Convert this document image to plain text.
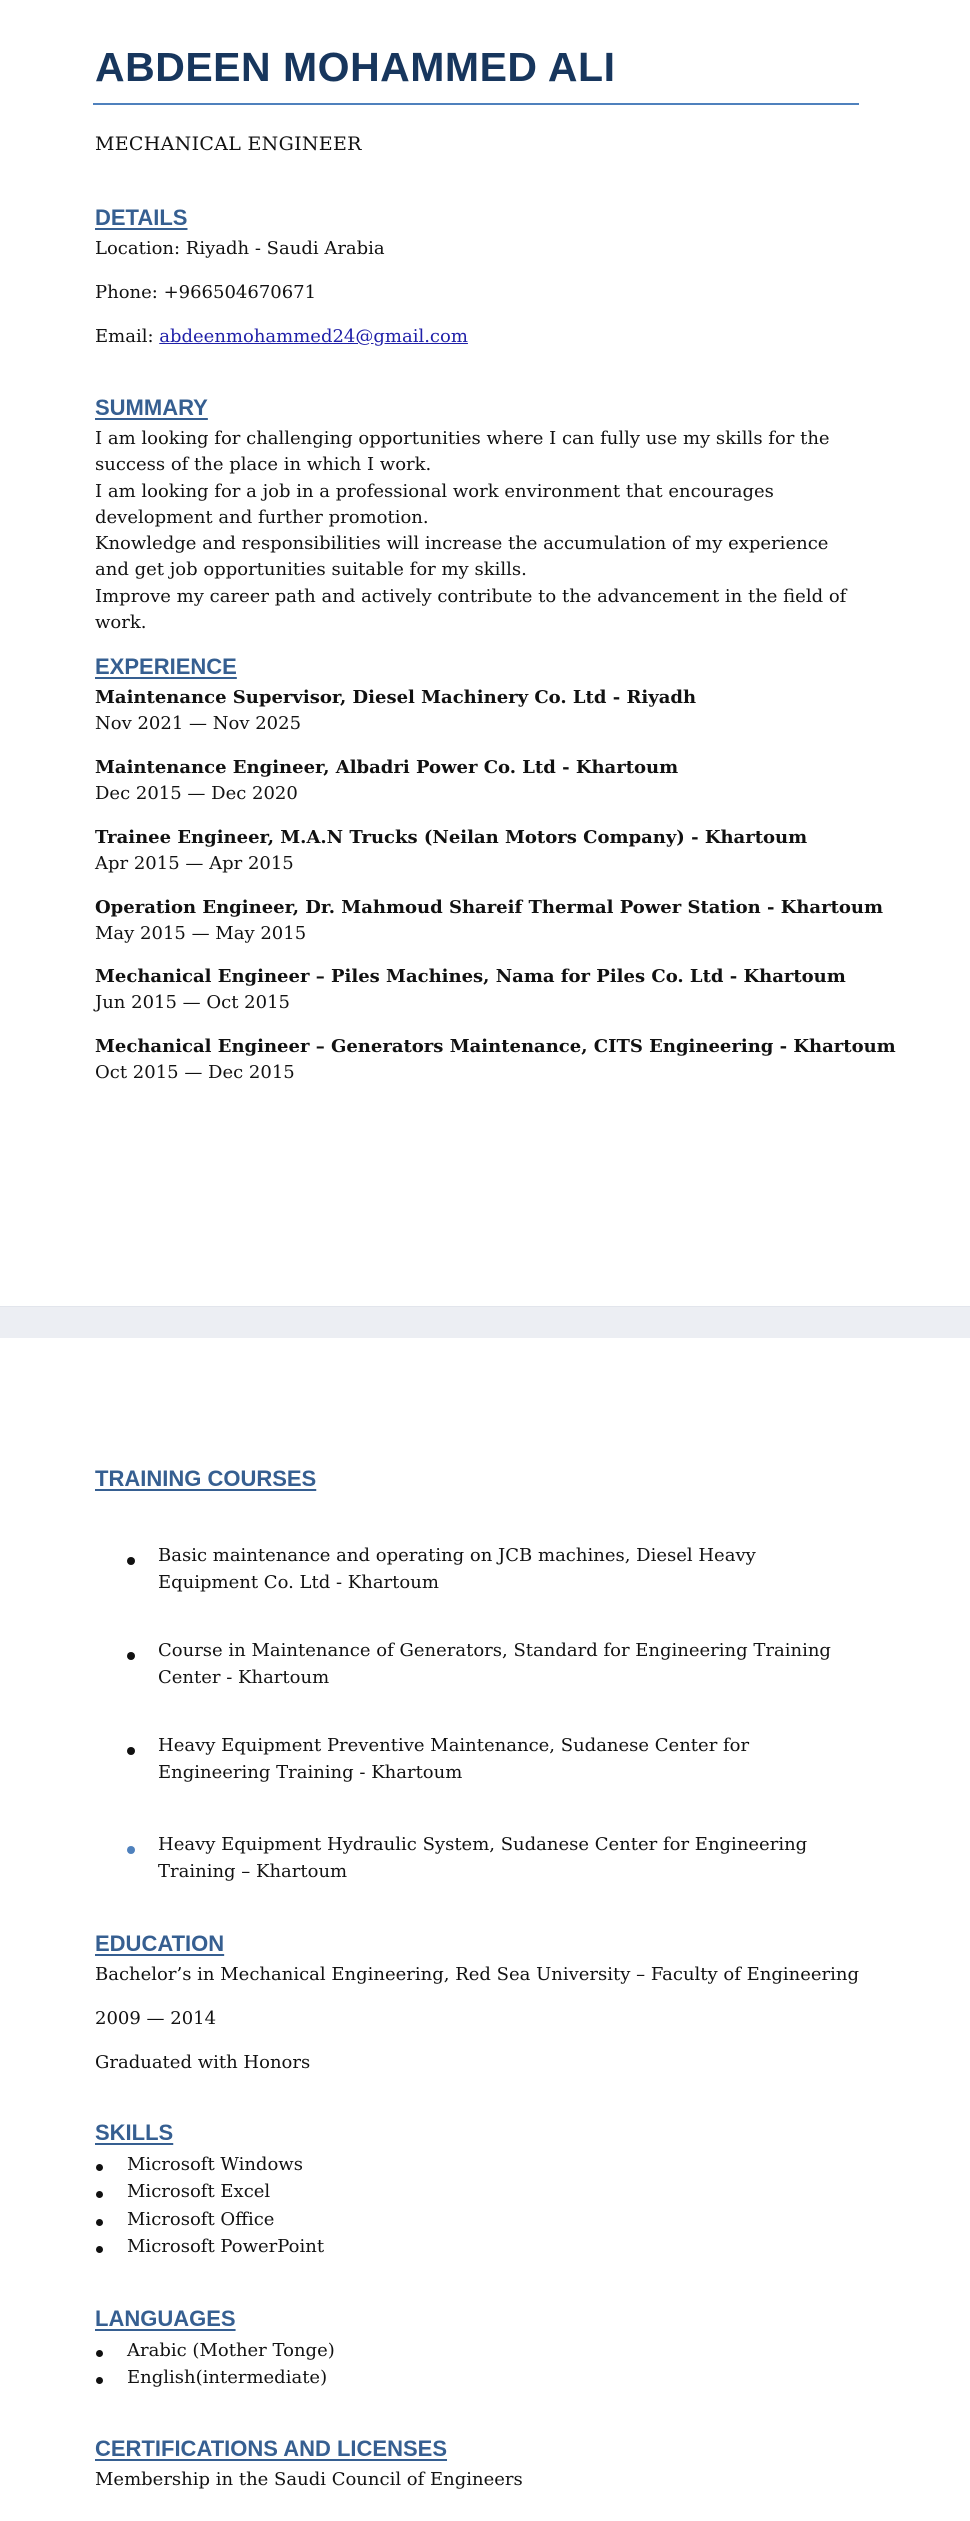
ABDEEN MOHAMMED ALI
MECHANICAL ENGINEER
DETAILS
Location: Riyadh - Saudi Arabia
Phone: +966504670671
Email: abdeenmohammed24@gmail.com
SUMMARY
I am looking for challenging opportunities where I can fully use my skills for the success of the place in which I work.
I am looking for a job in a professional work environment that encourages development and further promotion.
Knowledge and responsibilities will increase the accumulation of my experience and get job opportunities suitable for my skills.
Improve my career path and actively contribute to the advancement in the field of work.
EXPERIENCE
Maintenance Supervisor, Diesel Machinery Co. Ltd - Riyadh
Nov 2021 — Nov 2025
Maintenance Engineer, Albadri Power Co. Ltd - Khartoum
Dec 2015 — Dec 2020
Trainee Engineer, M.A.N Trucks (Neilan Motors Company) - Khartoum
Apr 2015 — Apr 2015
Operation Engineer, Dr. Mahmoud Shareif Thermal Power Station - Khartoum
May 2015 — May 2015
Mechanical Engineer – Piles Machines, Nama for Piles Co. Ltd - Khartoum
Jun 2015 — Oct 2015
Mechanical Engineer – Generators Maintenance, CITS Engineering - Khartoum
Oct 2015 — Dec 2015
TRAINING COURSES
Basic maintenance and operating on JCB machines, Diesel Heavy Equipment Co. Ltd - Khartoum
Course in Maintenance of Generators, Standard for Engineering Training Center - Khartoum
Heavy Equipment Preventive Maintenance, Sudanese Center for Engineering Training - Khartoum
Heavy Equipment Hydraulic System, Sudanese Center for Engineering Training – Khartoum
EDUCATION
Bachelor’s in Mechanical Engineering, Red Sea University – Faculty of Engineering
2009 — 2014
Graduated with Honors
SKILLS
Microsoft Windows
Microsoft Excel
Microsoft Office
Microsoft PowerPoint
LANGUAGES
Arabic (Mother Tonge)
English(intermediate)
CERTIFICATIONS AND LICENSES
Membership in the Saudi Council of Engineers
